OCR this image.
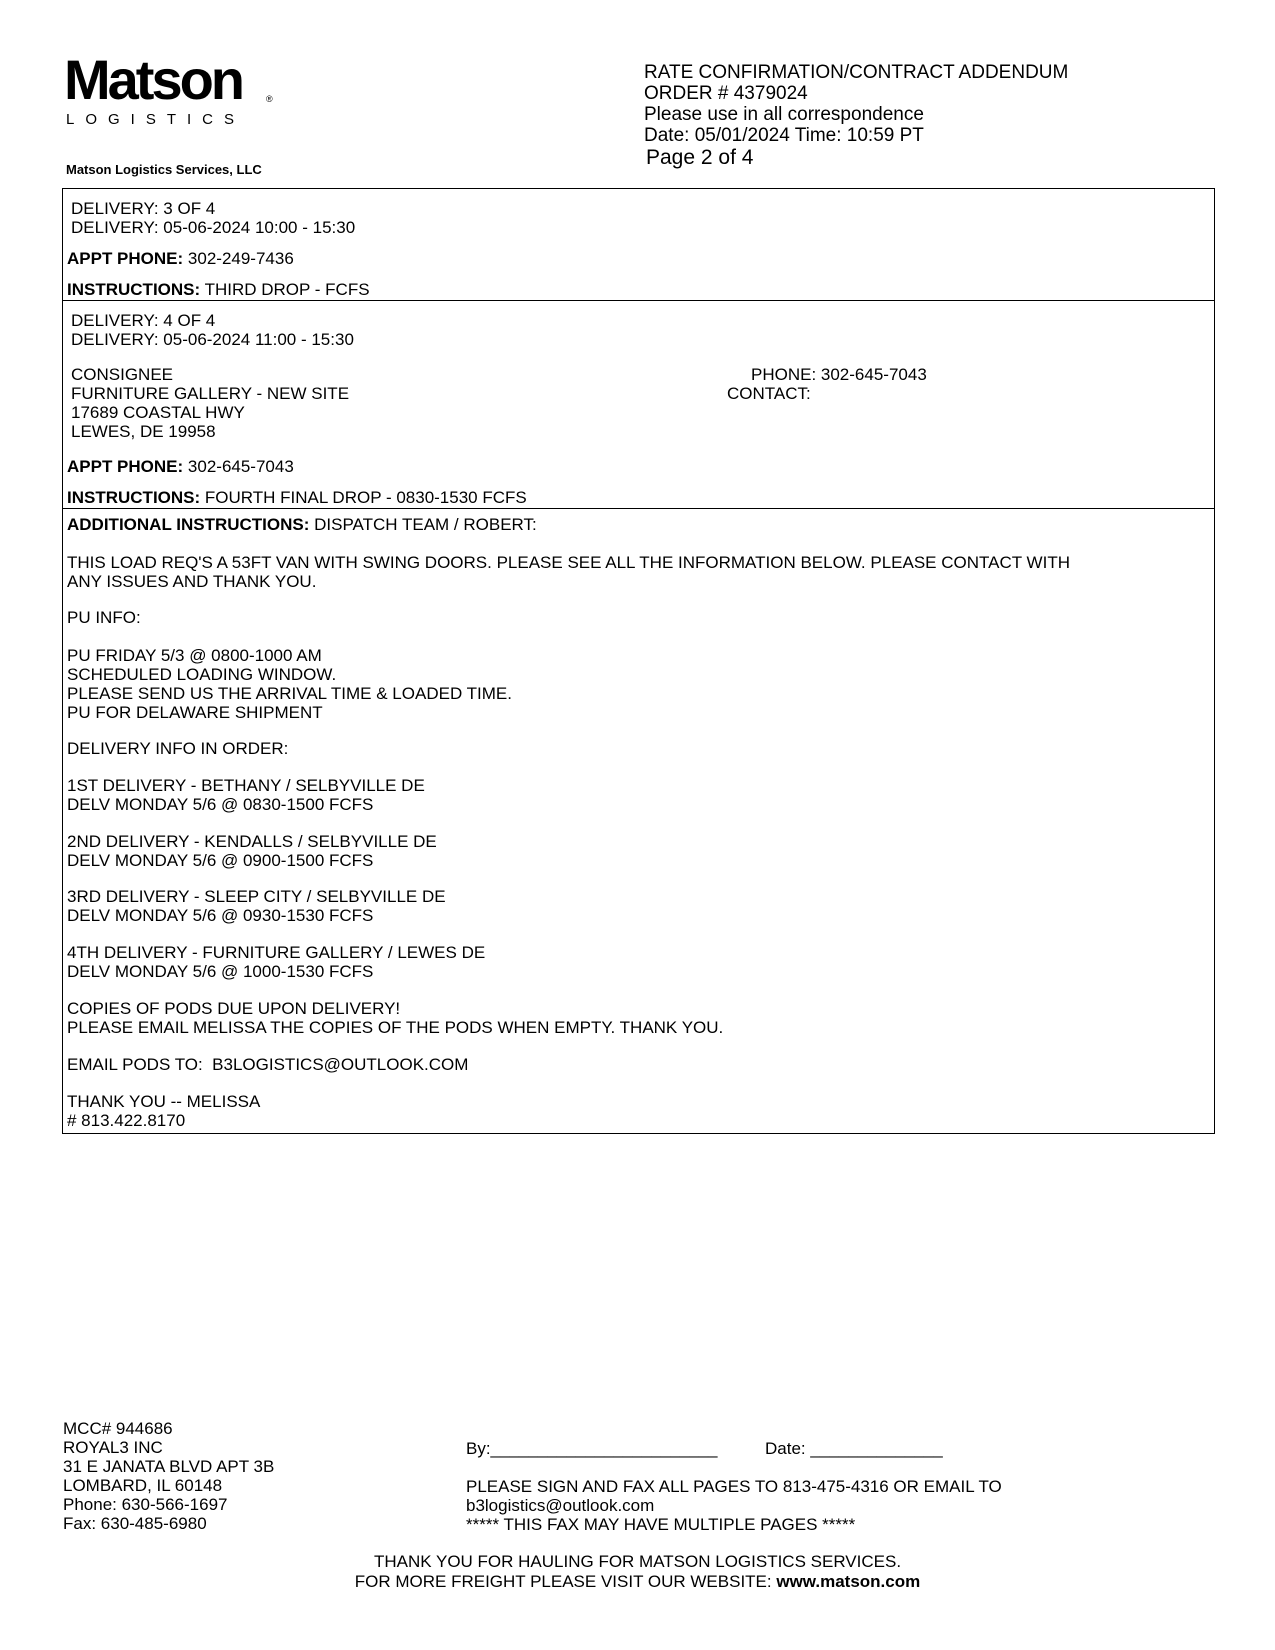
Matson	®
LOGISTICS
Matson Logistics Services, LLC
RATE CONFIRMATION/CONTRACT ADDENDUM
ORDER # 4379024
Please use in all correspondence
Date: 05/01/2024 Time: 10:59 PT
Page 2 of 4
DELIVERY: 3 OF 4
DELIVERY: 05-06-2024 10:00 - 15:30
APPT PHONE: 302-249-7436
INSTRUCTIONS: THIRD DROP - FCFS
DELIVERY: 4 OF 4
DELIVERY: 05-06-2024 11:00 - 15:30
CONSIGNEE
FURNITURE GALLERY - NEW SITE
17689 COASTAL HWY
LEWES, DE 19958
PHONE: 302-645-7043
CONTACT:
APPT PHONE: 302-645-7043
INSTRUCTIONS: FOURTH FINAL DROP - 0830-1530 FCFS
ADDITIONAL INSTRUCTIONS: DISPATCH TEAM / ROBERT:
THIS LOAD REQ'S A 53FT VAN WITH SWING DOORS. PLEASE SEE ALL THE INFORMATION BELOW. PLEASE CONTACT WITH
ANY ISSUES AND THANK YOU.
PU INFO:
PU FRIDAY 5/3 @ 0800-1000 AM
SCHEDULED LOADING WINDOW.
PLEASE SEND US THE ARRIVAL TIME & LOADED TIME.
PU FOR DELAWARE SHIPMENT
DELIVERY INFO IN ORDER:
1ST DELIVERY - BETHANY / SELBYVILLE DE
DELV MONDAY 5/6 @ 0830-1500 FCFS
2ND DELIVERY - KENDALLS / SELBYVILLE DE
DELV MONDAY 5/6 @ 0900-1500 FCFS
3RD DELIVERY - SLEEP CITY / SELBYVILLE DE
DELV MONDAY 5/6 @ 0930-1530 FCFS
4TH DELIVERY - FURNITURE GALLERY / LEWES DE
DELV MONDAY 5/6 @ 1000-1530 FCFS
COPIES OF PODS DUE UPON DELIVERY!
PLEASE EMAIL MELISSA THE COPIES OF THE PODS WHEN EMPTY. THANK YOU.
EMAIL PODS TO:  B3LOGISTICS@OUTLOOK.COM
THANK YOU -- MELISSA
# 813.422.8170
MCC# 944686
ROYAL3 INC
31 E JANATA BLVD APT 3B
LOMBARD, IL 60148
Phone: 630-566-1697
Fax: 630-485-6980
By:________________________	Date: ______________
PLEASE SIGN AND FAX ALL PAGES TO 813-475-4316 OR EMAIL TO
b3logistics@outlook.com
***** THIS FAX MAY HAVE MULTIPLE PAGES *****
THANK YOU FOR HAULING FOR MATSON LOGISTICS SERVICES.
FOR MORE FREIGHT PLEASE VISIT OUR WEBSITE: www.matson.com
